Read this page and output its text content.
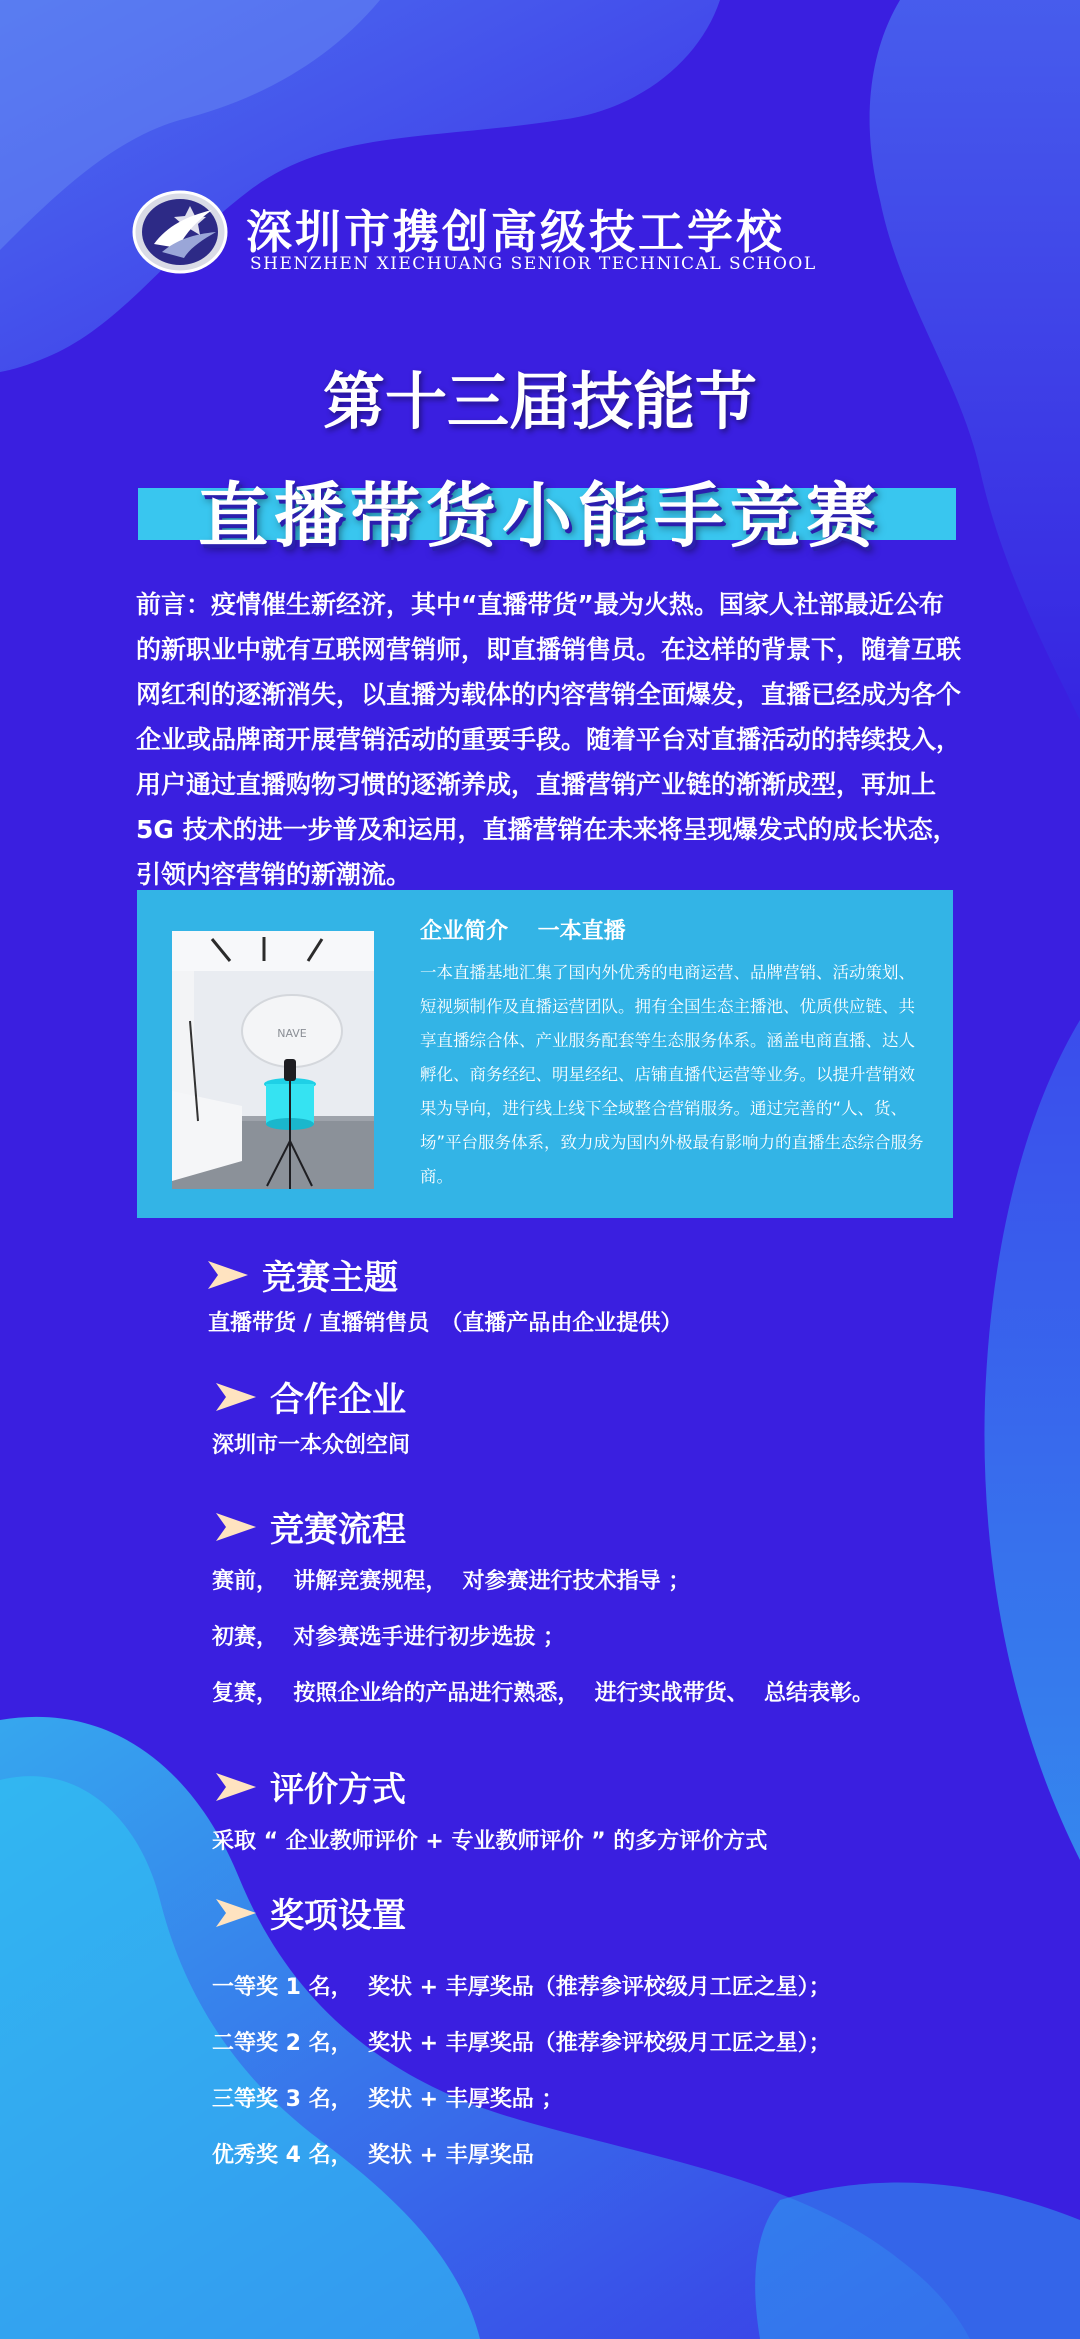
深圳市携创高级技工学校
SHENZHEN XIECHUANG SENIOR TECHNICAL SCHOOL
第十三届技能节
直播带货小能手竞赛
前言：疫情催生新经济，其中“直播带货”最为火热。国家人社部最近公布的新职业中就有互联网营销师，即直播销售员。在这样的背景下，随着互联网红利的逐渐消失，以直播为载体的内容营销全面爆发，直播已经成为各个企业或品牌商开展营销活动的重要手段。随着平台对直播活动的持续投入，用户通过直播购物习惯的逐渐养成，直播营销产业链的渐渐成型，再加上 5G 技术的进一步普及和运用，直播营销在未来将呈现爆发式的成长状态，引领内容营销的新潮流。
NAVE
企业简介　 一本直播
一本直播基地汇集了国内外优秀的电商运营、品牌营销、活动策划、短视频制作及直播运营团队。拥有全国生态主播池、优质供应链、共享直播综合体、产业服务配套等生态服务体系。涵盖电商直播、达人孵化、商务经纪、明星经纪、店铺直播代运营等业务。以提升营销效果为导向，进行线上线下全域整合营销服务。通过完善的“人、货、场”平台服务体系，致力成为国内外极最有影响力的直播生态综合服务商。
竞赛主题
直播带货 / 直播销售员　（直播产品由企业提供）
合作企业
深圳市一本众创空间
竞赛流程
赛前，  讲解竞赛规程，  对参赛进行技术指导 ；
初赛，  对参赛选手进行初步选拔 ；
复赛，  按照企业给的产品进行熟悉，  进行实战带货、  总结表彰。
评价方式
采取 “ 企业教师评价 + 专业教师评价 ” 的多方评价方式
奖项设置
一等奖 1 名，  奖状 + 丰厚奖品（推荐参评校级月工匠之星）；
二等奖 2 名，  奖状 + 丰厚奖品（推荐参评校级月工匠之星）；
三等奖 3 名，  奖状 + 丰厚奖品 ；
优秀奖 4 名，  奖状 + 丰厚奖品
